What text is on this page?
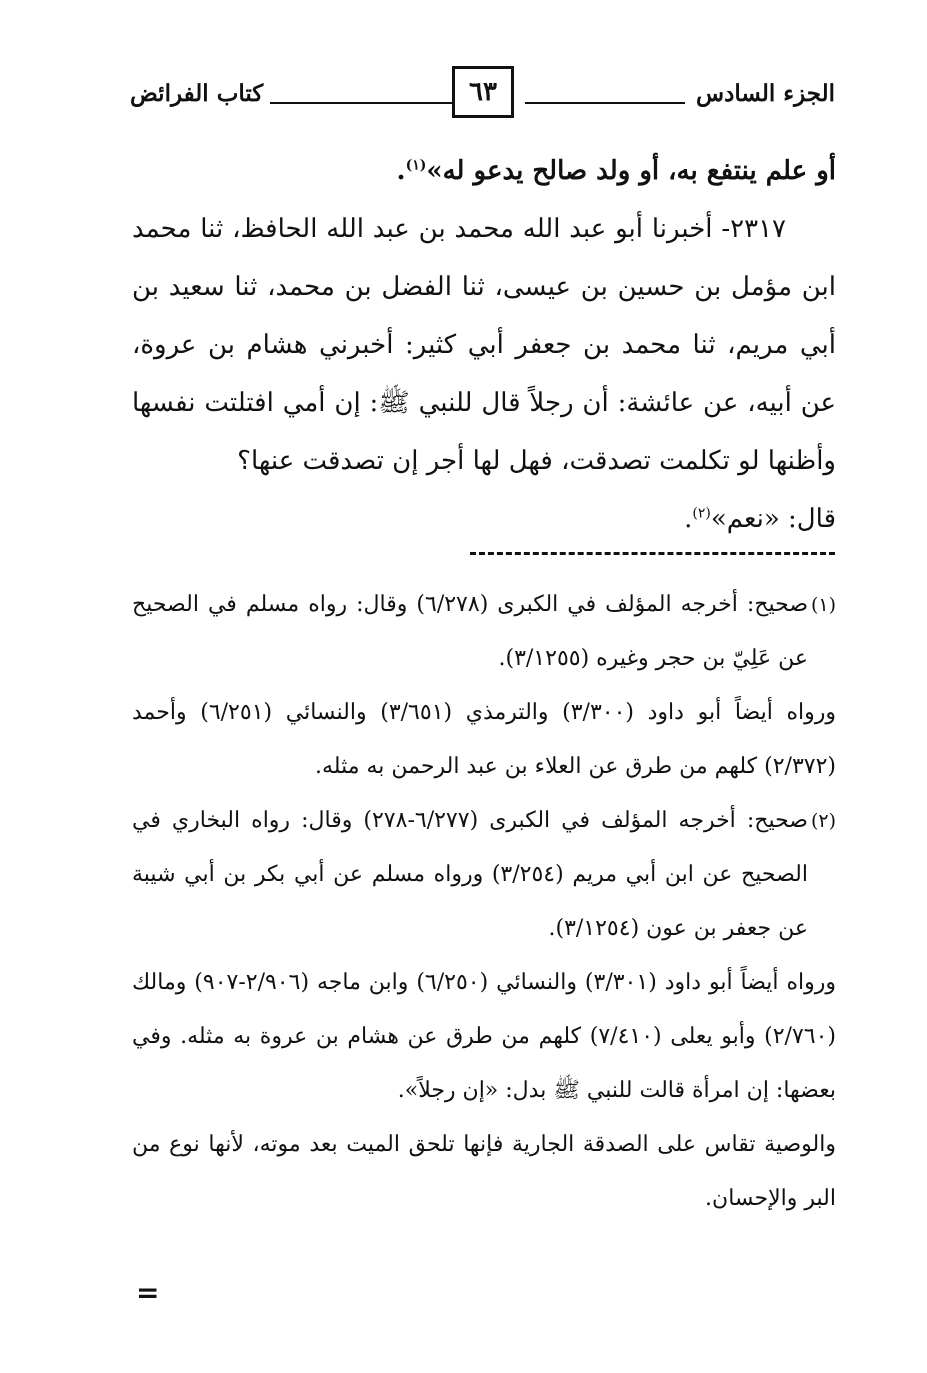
الجزء السادس
٦٣
كتاب الفرائض

أو علم ينتفع به، أو ولد صالح يدعو له»$^{(١)}$.

٢٣١٧- أخبرنا أبو عبد الله محمد بن عبد الله الحافظ، ثنا محمد ابن مؤمل بن حسين بن عيسى، ثنا الفضل بن محمد، ثنا سعيد بن أبي مريم، ثنا محمد بن جعفر أبي كثير: أخبرني هشام بن عروة، عن أبيه، عن عائشة: أن رجلاً قال للنبي ﷺ: إن أمي افتلتت نفسها وأظنها لو تكلمت تصدقت، فهل لها أجر إن تصدقت عنها؟

قال: «نعم»$^{(٢)}$.

(١)

صحيح: أخرجه المؤلف في الكبرى (٦/٢٧٨) وقال: رواه مسلم في الصحيح عن عَلِيّ بن حجر وغيره (٣/١٢٥٥).

ورواه أيضاً أبو داود (٣/٣٠٠) والترمذي (٣/٦٥١) والنسائي (٦/٢٥١) وأحمد (٢/٣٧٢) كلهم من طرق عن العلاء بن عبد الرحمن به مثله.

(٢)

صحيح: أخرجه المؤلف في الكبرى (٦/٢٧٧-٢٧٨) وقال: رواه البخاري في الصحيح عن ابن أبي مريم (٣/٢٥٤) ورواه مسلم عن أبي بكر بن أبي شيبة عن جعفر بن عون (٣/١٢٥٤).

ورواه أيضاً أبو داود (٣/٣٠١) والنسائي (٦/٢٥٠) وابن ماجه (٢/٩٠٦-٩٠٧) ومالك (٢/٧٦٠) وأبو يعلى (٧/٤١٠) كلهم من طرق عن هشام بن عروة به مثله. وفي بعضها: إن امرأة قالت للنبي ﷺ بدل: «إن رجلاً».

والوصية تقاس على الصدقة الجارية فإنها تلحق الميت بعد موته، لأنها نوع من البر والإحسان.

=
